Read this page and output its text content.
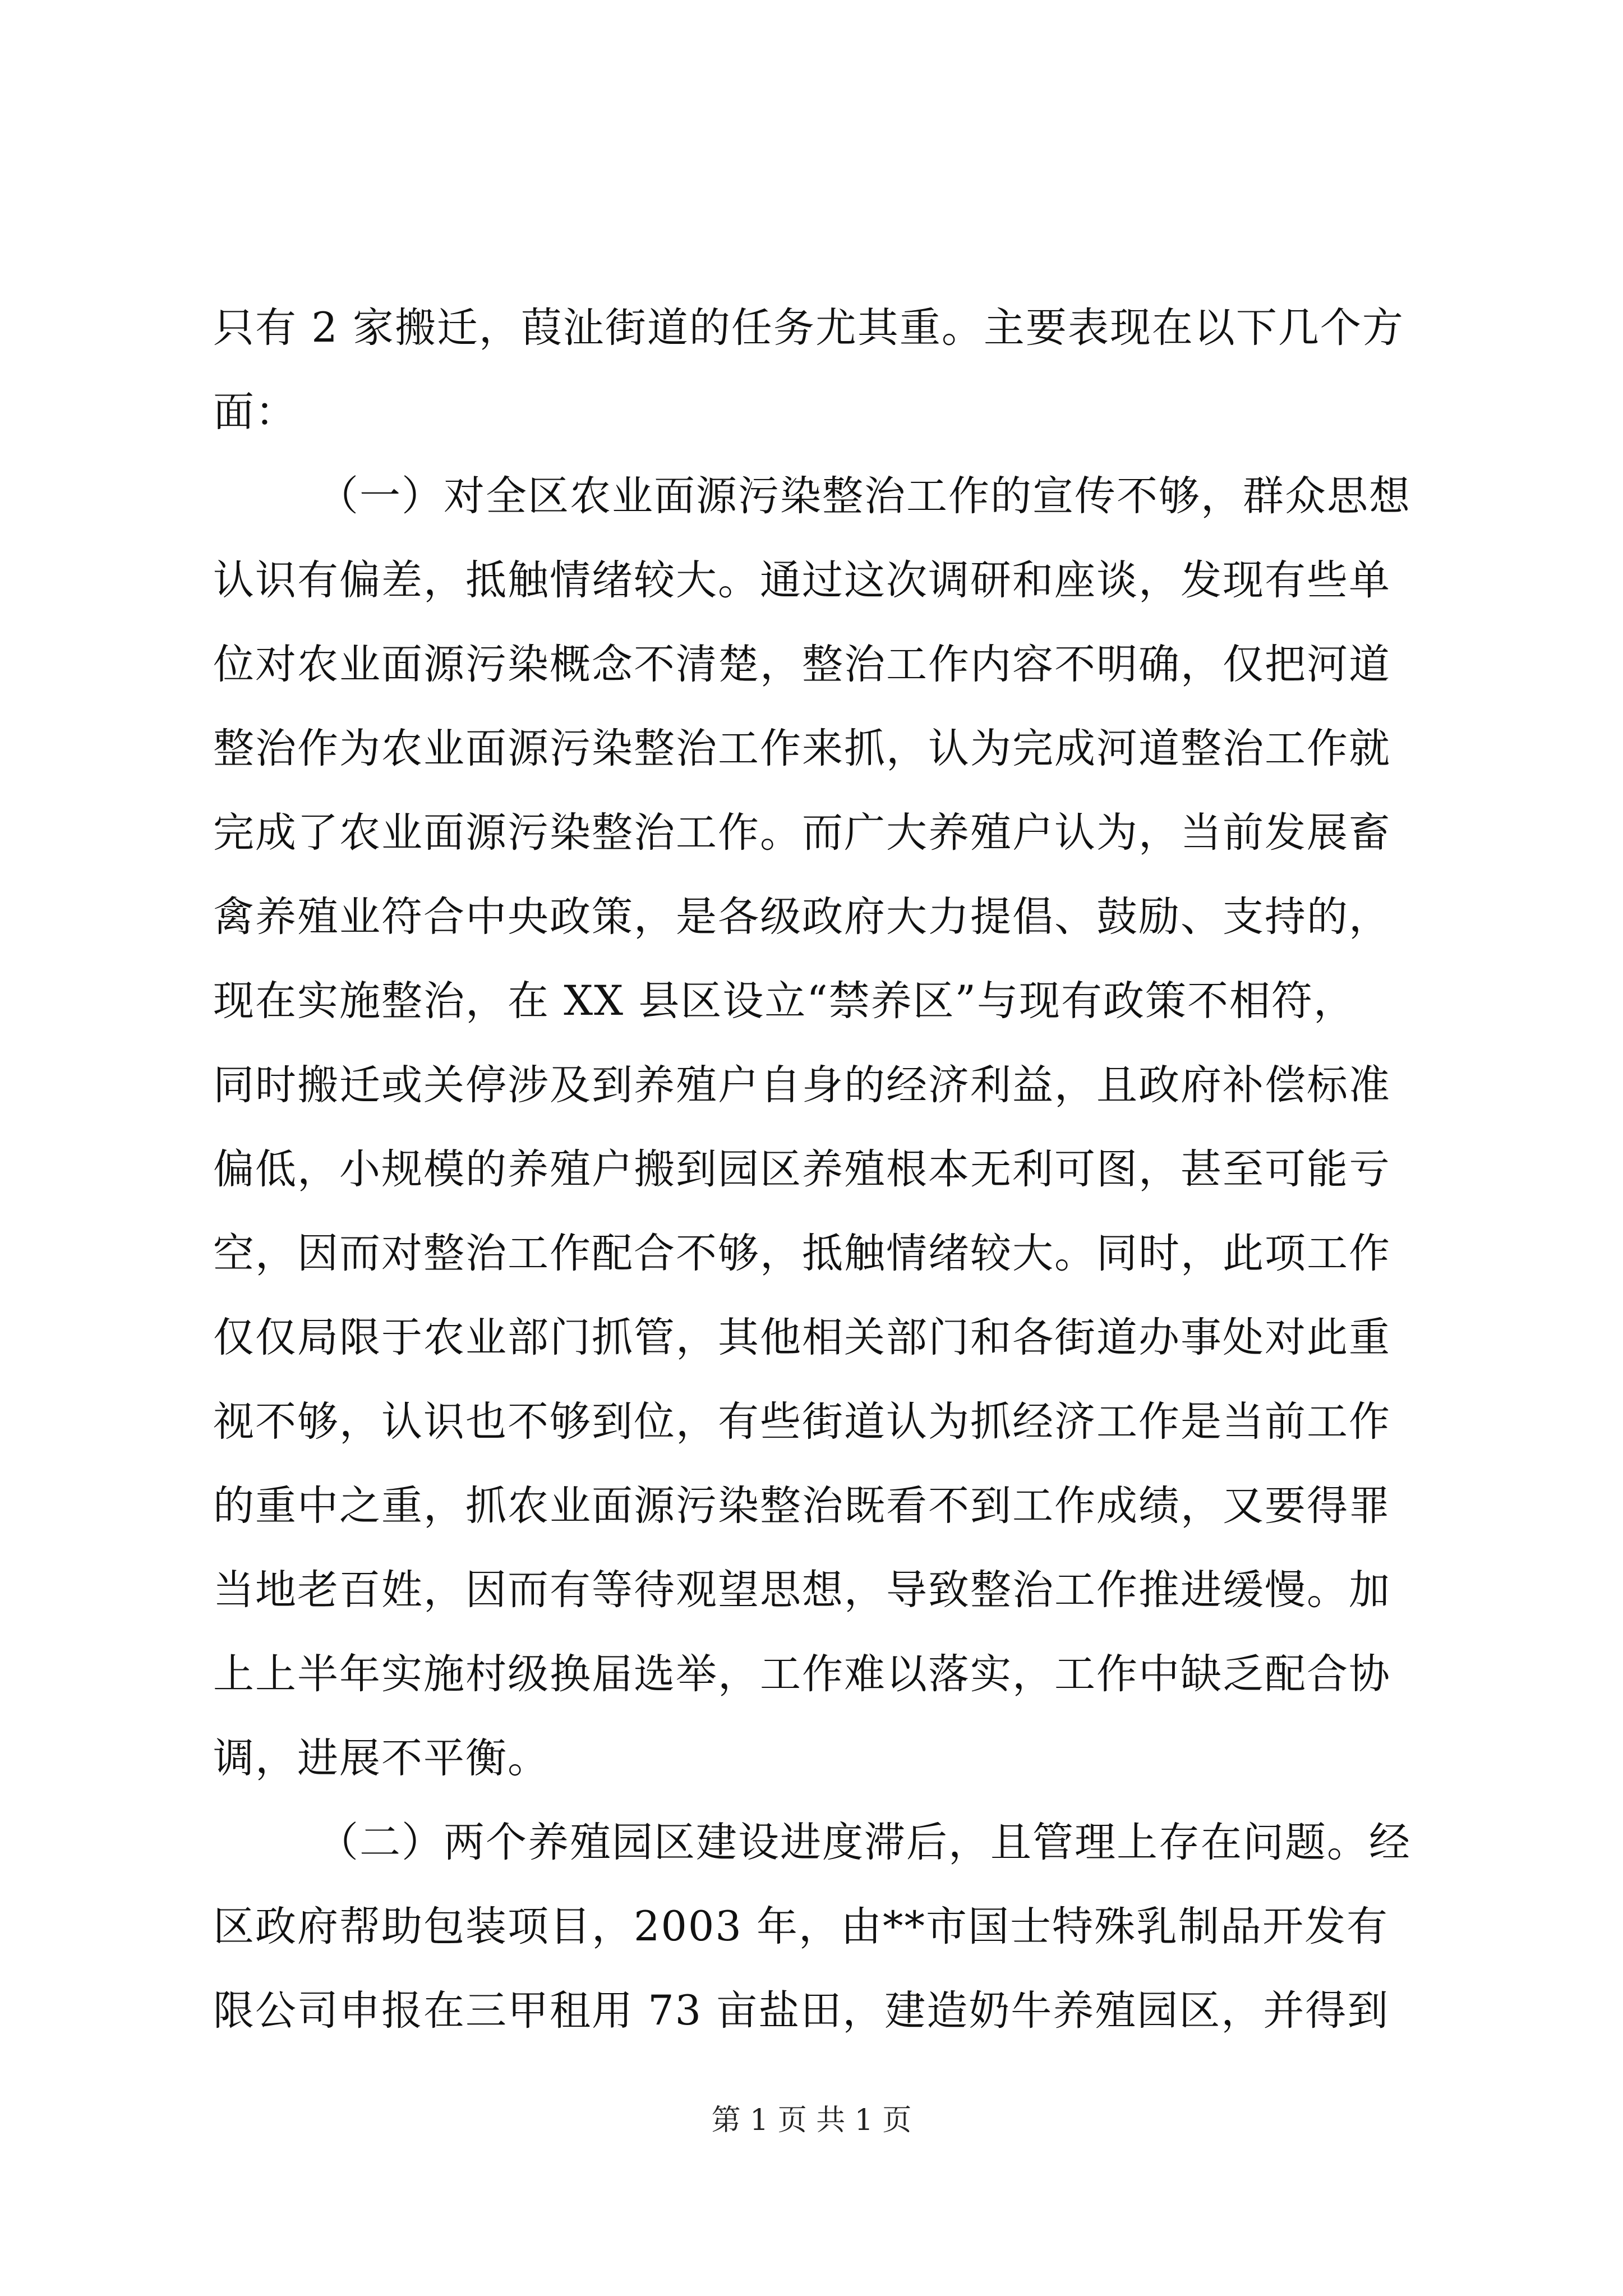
只有 2 家搬迁，葭沚街道的任务尤其重。主要表现在以下几个方
面：
（一）对全区农业面源污染整治工作的宣传不够，群众思想
认识有偏差，抵触情绪较大。通过这次调研和座谈，发现有些单
位对农业面源污染概念不清楚，整治工作内容不明确，仅把河道
整治作为农业面源污染整治工作来抓，认为完成河道整治工作就
完成了农业面源污染整治工作。而广大养殖户认为，当前发展畜
禽养殖业符合中央政策，是各级政府大力提倡、鼓励、支持的，
现在实施整治，在 XX 县区设立“禁养区”与现有政策不相符，
同时搬迁或关停涉及到养殖户自身的经济利益，且政府补偿标准
偏低，小规模的养殖户搬到园区养殖根本无利可图，甚至可能亏
空，因而对整治工作配合不够，抵触情绪较大。同时，此项工作
仅仅局限于农业部门抓管，其他相关部门和各街道办事处对此重
视不够，认识也不够到位，有些街道认为抓经济工作是当前工作
的重中之重，抓农业面源污染整治既看不到工作成绩，又要得罪
当地老百姓，因而有等待观望思想，导致整治工作推进缓慢。加
上上半年实施村级换届选举，工作难以落实，工作中缺乏配合协
调，进展不平衡。
（二）两个养殖园区建设进度滞后，且管理上存在问题。经
区政府帮助包装项目，2003 年，由**市国士特殊乳制品开发有
限公司申报在三甲租用 73 亩盐田，建造奶牛养殖园区，并得到
第 1 页 共 1 页
